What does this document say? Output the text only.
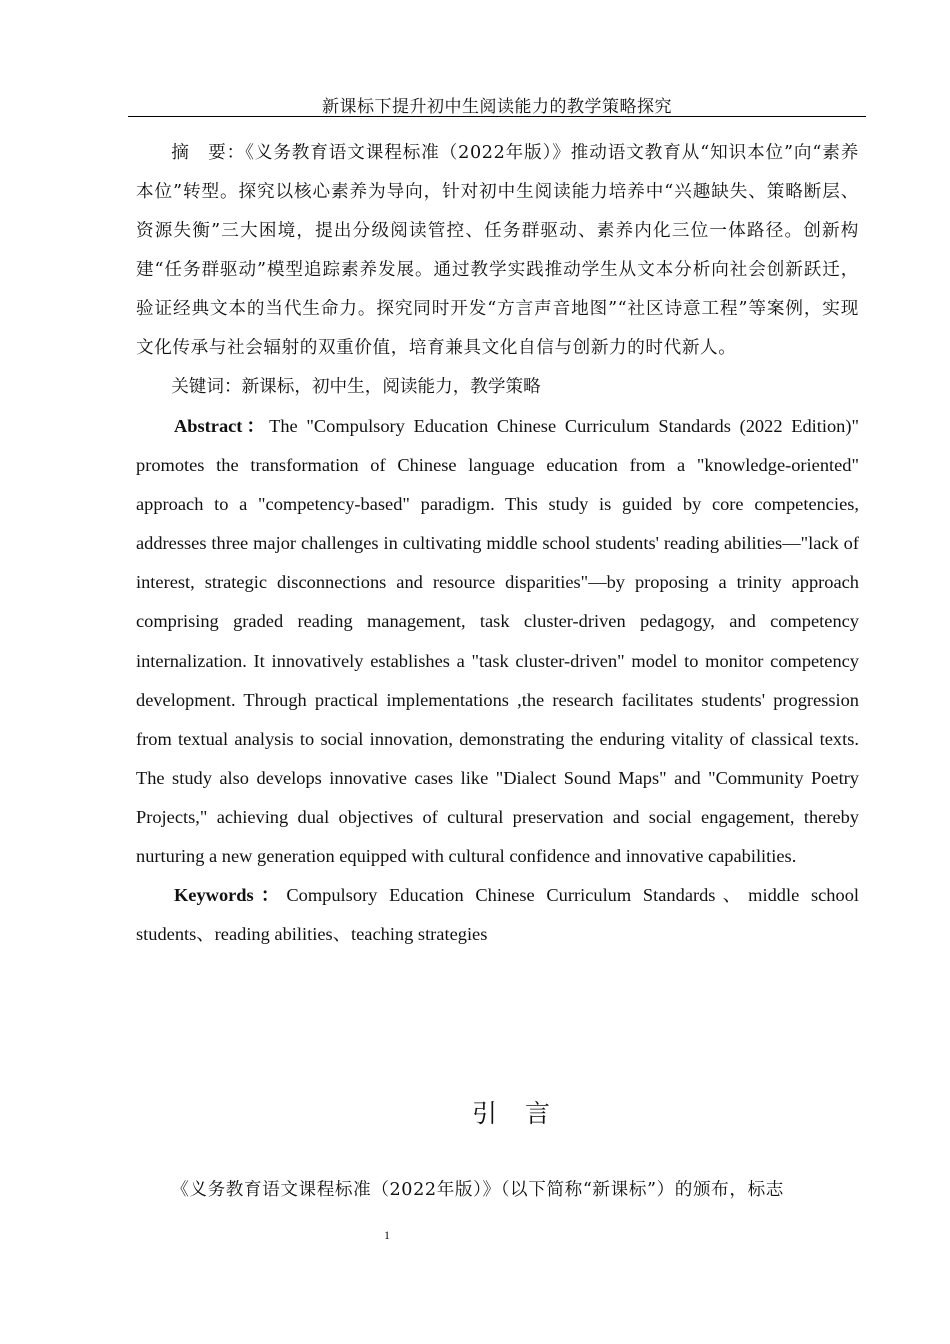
新课标下提升初中生阅读能力的教学策略探究

摘　要：《义务教育语文课程标准（2022年版）》推动语文教育从“知识本位”向“素养本位”转型。探究以核心素养为导向，针对初中生阅读能力培养中“兴趣缺失、策略断层、资源失衡”三大困境，提出分级阅读管控、任务群驱动、素养内化三位一体路径。创新构建“任务群驱动”模型追踪素养发展。通过教学实践推动学生从文本分析向社会创新跃迁，验证经典文本的当代生命力。探究同时开发“方言声音地图”“社区诗意工程”等案例，实现文化传承与社会辐射的双重价值，培育兼具文化自信与创新力的时代新人。

关键词：新课标，初中生，阅读能力，教学策略

Abstract：The "Compulsory Education Chinese Curriculum Standards (2022 Edition)" promotes the transformation of Chinese language education from a "knowledge-oriented" approach to a "competency-based" paradigm. This study is guided by core competencies, addresses three major challenges in cultivating middle school students' reading abilities—"lack of interest, strategic disconnections and resource disparities"—by proposing a trinity approach comprising graded reading management, task cluster-driven pedagogy, and competency internalization. It innovatively establishes a "task cluster-driven" model to monitor competency development. Through practical implementations ,the research facilitates students' progression from textual analysis to social innovation, demonstrating the enduring vitality of classical texts. The study also develops innovative cases like "Dialect Sound Maps" and "Community Poetry Projects," achieving dual objectives of cultural preservation and social engagement, thereby nurturing a new generation equipped with cultural confidence and innovative capabilities.

Keywords：Compulsory Education Chinese Curriculum Standards、middle school students、reading abilities、teaching strategies

引言

《义务教育语文课程标准（2022年版）》（以下简称“新课标”）的颁布，标志

1
